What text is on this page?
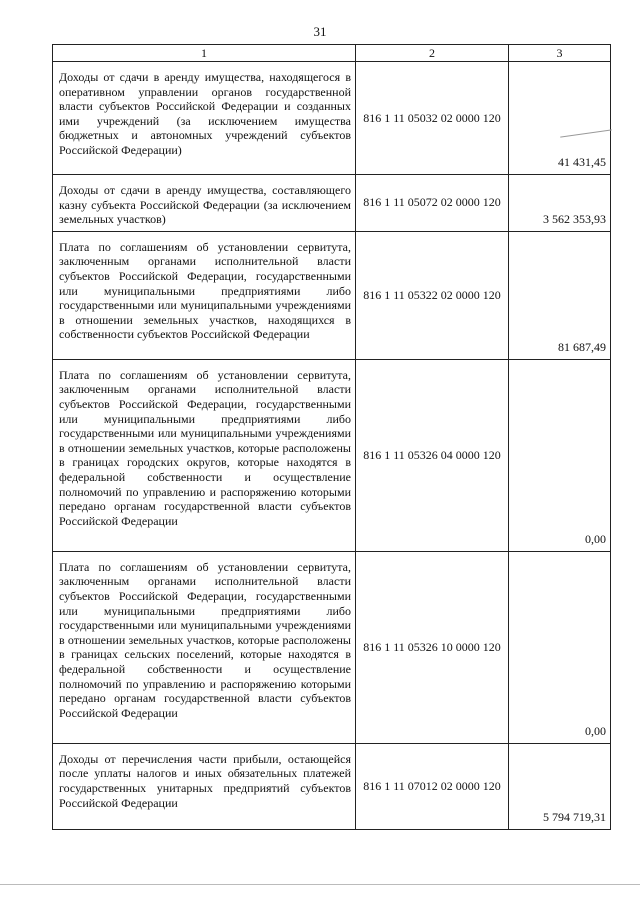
31
1	2	3
Доходы от сдачи в аренду имущества, находящегося в оперативном управлении органов государственной власти субъектов Российской Федерации и созданных ими учреждений (за исключением имущества бюджетных и автономных учреждений субъектов Российской Федерации)	816 1 11 05032 02 0000 120	41 431,45
Доходы от сдачи в аренду имущества, составляющего казну субъекта Российской Федерации (за исключением земельных участков)	816 1 11 05072 02 0000 120	3 562 353,93
Плата по соглашениям об установлении сервитута, заключенным органами исполнительной власти субъектов Российской Федерации, государственными или муниципальными предприятиями либо государственными или муниципальными учреждениями в отношении земельных участков, находящихся в собственности субъектов Российской Федерации	816 1 11 05322 02 0000 120	81 687,49
Плата по соглашениям об установлении сервитута, заключенным органами исполнительной власти субъектов Российской Федерации, государственными или муниципальными предприятиями либо государственными или муниципальными учреждениями в отношении земельных участков, которые расположены в границах городских округов, которые находятся в федеральной собственности и осуществление полномочий по управлению и распоряжению которыми передано органам государственной власти субъектов Российской Федерации	816 1 11 05326 04 0000 120	0,00
Плата по соглашениям об установлении сервитута, заключенным органами исполнительной власти субъектов Российской Федерации, государственными или муниципальными предприятиями либо государственными или муниципальными учреждениями в отношении земельных участков, которые расположены в границах сельских поселений, которые находятся в федеральной собственности и осуществление полномочий по управлению и распоряжению которыми передано органам государственной власти субъектов Российской Федерации	816 1 11 05326 10 0000 120	0,00
Доходы от перечисления части прибыли, остающейся после уплаты налогов и иных обязательных платежей государственных унитарных предприятий субъектов Российской Федерации	816 1 11 07012 02 0000 120	5 794 719,31
